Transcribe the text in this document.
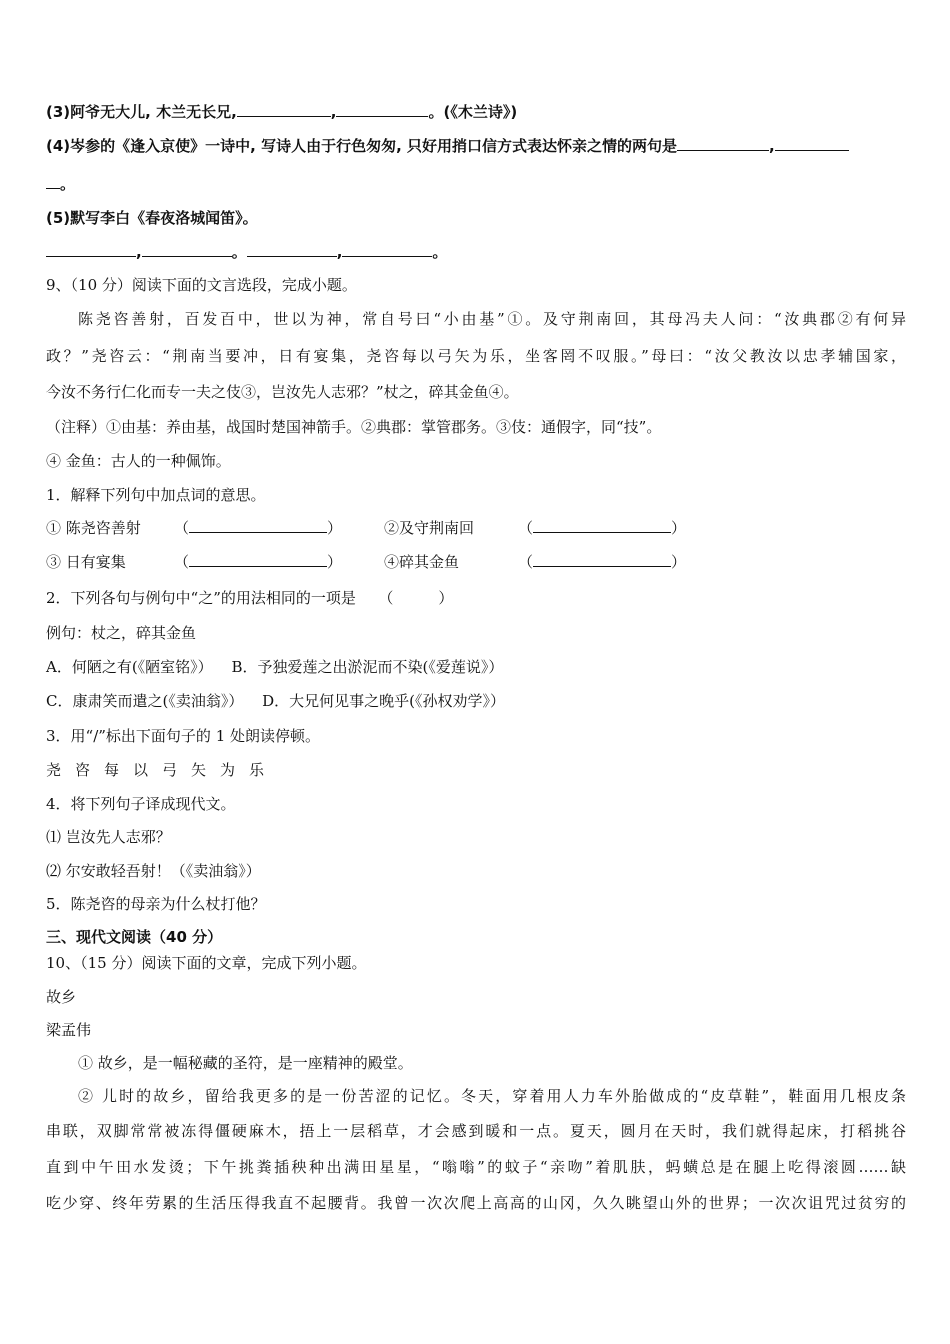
(3)阿爷无大儿, 木兰无长兄,	,	。(《木兰诗》)
(4)岑参的《逢入京使》一诗中, 写诗人由于行色匆匆, 只好用捎口信方式表达怀亲之情的两句是	,
。
(5)默写李白《春夜洛城闻笛》。
,	。	,	。
9、（10 分）阅读下面的文言选段，完成小题。
陈尧咨善射，百发百中，世以为神，常自号曰“小由基”①。及守荆南回，其母冯夫人问：“汝典郡②有何异
政？”尧咨云：“荆南当要冲，日有宴集，尧咨每以弓矢为乐，坐客罔不叹服。”母曰：“汝父教汝以忠孝辅国家，
今汝不务行仁化而专一夫之伎③，岂汝先人志邪？”杖之，碎其金鱼④。
（注释）①由基：养由基，战国时楚国神箭手。②典郡：掌管郡务。③伎：通假字，同“技”。
④ 金鱼：古人的一种佩饰。
1．解释下列句中加点词的意思。
① 陈尧咨善射 （	）	②及守荆南回	（	）
③ 日有宴集	（	）	④碎其金鱼	（	）
2．下列各句与例句中“之”的用法相同的一项是　　（　　　）
例句：杖之，碎其金鱼
A．何陋之有(《陋室铭》） B．予独爱莲之出淤泥而不染(《爱莲说》）
C．康肃笑而遣之(《卖油翁》） D．大兄何见事之晚乎(《孙权劝学》）
3．用“/”标出下面句子的 1 处朗读停顿。
尧咨每以弓矢为乐
4．将下列句子译成现代文。
⑴ 岂汝先人志邪？
⑵ 尔安敢轻吾射！（《卖油翁》）
5．陈尧咨的母亲为什么杖打他？
三、现代文阅读（40 分）
10、（15 分）阅读下面的文章，完成下列小题。
故乡
梁孟伟
① 故乡，是一幅秘藏的圣符，是一座精神的殿堂。
② 儿时的故乡，留给我更多的是一份苦涩的记忆。冬天，穿着用人力车外胎做成的“皮草鞋”，鞋面用几根皮条
串联，双脚常常被冻得僵硬麻木，捂上一层稻草，才会感到暖和一点。夏天，圆月在天时，我们就得起床，打稻挑谷
直到中午田水发烫；下午挑粪插秧种出满田星星，“嗡嗡”的蚊子“亲吻”着肌肤，蚂蟥总是在腿上吃得滚圆……缺
吃少穿、终年劳累的生活压得我直不起腰背。我曾一次次爬上高高的山冈，久久眺望山外的世界；一次次诅咒过贫穷的
